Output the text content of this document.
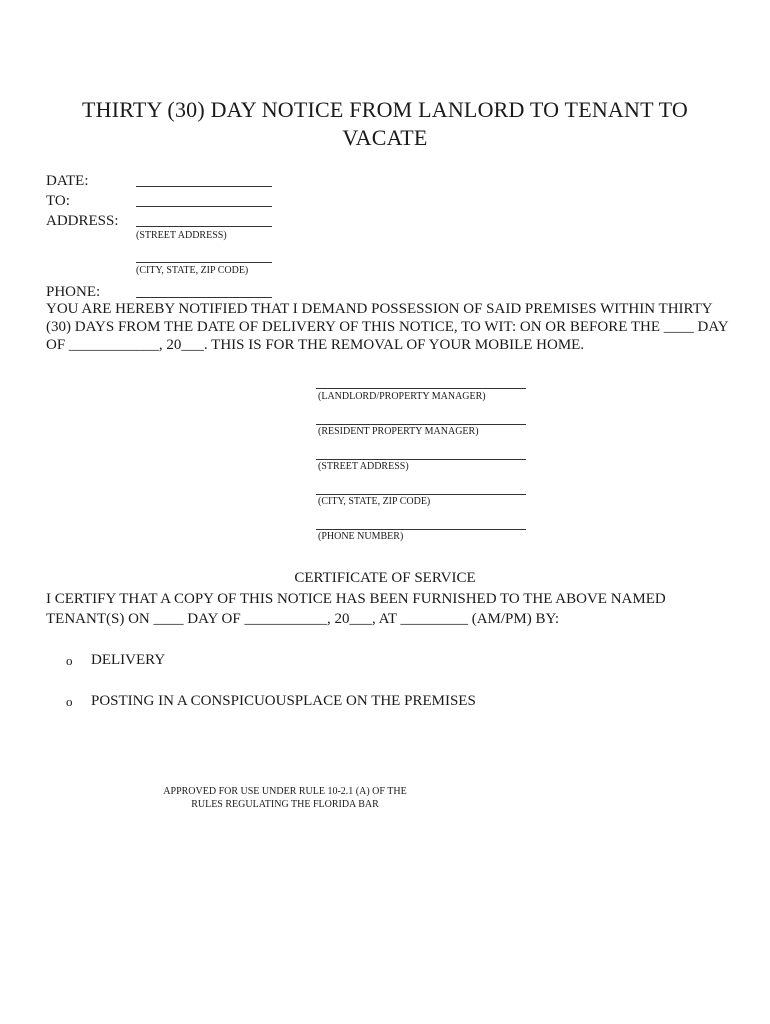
THIRTY (30) DAY NOTICE FROM LANLORD TO TENANT TO
VACATE
DATE:
TO:
ADDRESS:
(STREET ADDRESS)
(CITY, STATE, ZIP CODE)
PHONE:
YOU ARE HEREBY NOTIFIED THAT I DEMAND POSSESSION OF SAID PREMISES WITHIN THIRTY
(30) DAYS FROM THE DATE OF DELIVERY OF THIS NOTICE, TO WIT: ON OR BEFORE THE ____ DAY
OF ____________, 20___. THIS IS FOR THE REMOVAL OF YOUR MOBILE HOME.
(LANDLORD/PROPERTY MANAGER)
(RESIDENT PROPERTY MANAGER)
(STREET ADDRESS)
(CITY, STATE, ZIP CODE)
(PHONE NUMBER)
CERTIFICATE OF SERVICE
I CERTIFY THAT A COPY OF THIS NOTICE HAS BEEN FURNISHED TO THE ABOVE NAMED
TENANT(S) ON ____ DAY OF ___________, 20___, AT _________ (AM/PM) BY:
o DELIVERY
o POSTING IN A CONSPICUOUSPLACE ON THE PREMISES
APPROVED FOR USE UNDER RULE 10-2.1 (A) OF THE
RULES REGULATING THE FLORIDA BAR
